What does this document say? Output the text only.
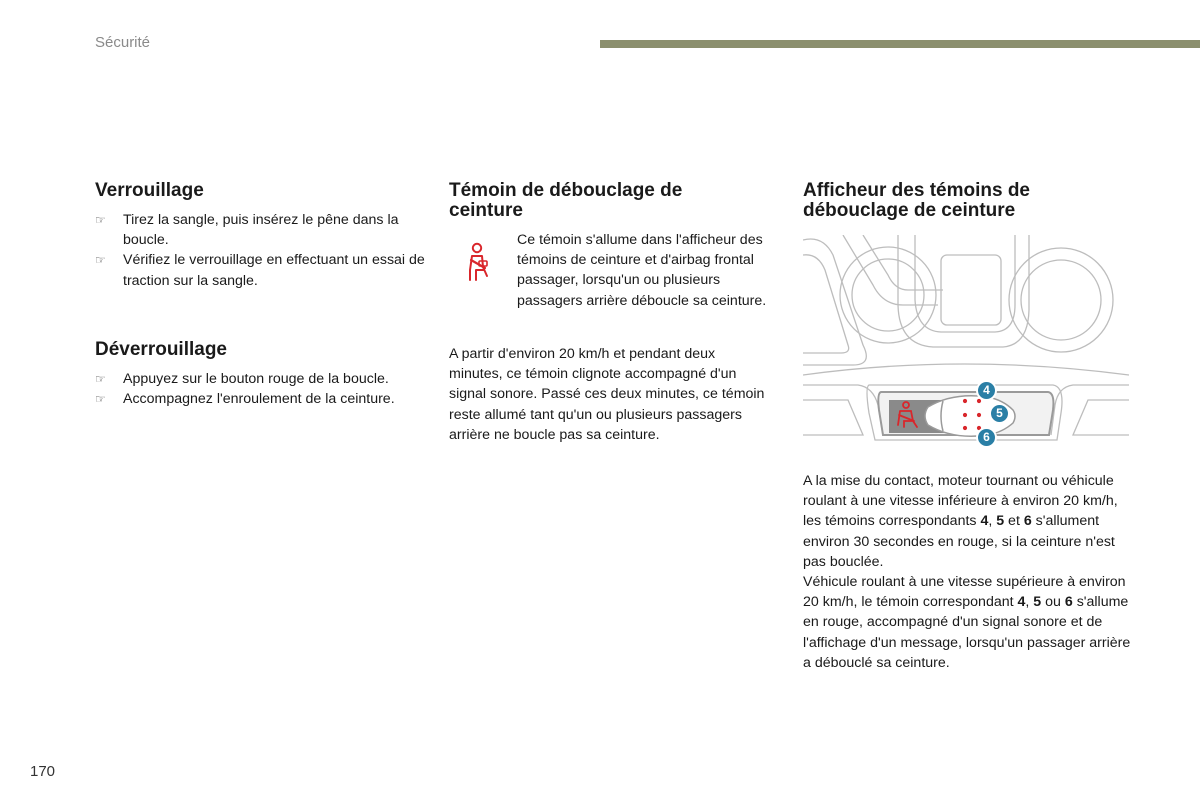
Sécurité
Verrouillage
☞ Tirez la sangle, puis insérez le pêne dans la boucle.
☞ Vérifiez le verrouillage en effectuant un essai de traction sur la sangle.
Déverrouillage
☞ Appuyez sur le bouton rouge de la boucle.
☞ Accompagnez l'enroulement de la ceinture.
Témoin de débouclage de ceinture

Ce témoin s'allume dans l'afficheur des témoins de ceinture et d'airbag frontal passager, lorsqu'un ou plusieurs passagers arrière déboucle sa ceinture.

A partir d'environ 20 km/h et pendant deux minutes, ce témoin clignote accompagné d'un signal sonore. Passé ces deux minutes, ce témoin reste allumé tant qu'un ou plusieurs passagers arrière ne boucle pas sa ceinture.

Afficheur des témoins de débouclage de ceinture
4
5
6

A la mise du contact, moteur tournant ou véhicule roulant à une vitesse inférieure à environ 20 km/h, les témoins correspondants 4, 5 et 6 s'allument environ 30 secondes en rouge, si la ceinture n'est pas bouclée.

Véhicule roulant à une vitesse supérieure à environ 20 km/h, le témoin correspondant 4, 5 ou 6 s'allume en rouge, accompagné d'un signal sonore et de l'affichage d'un message, lorsqu'un passager arrière a débouclé sa ceinture.

170
